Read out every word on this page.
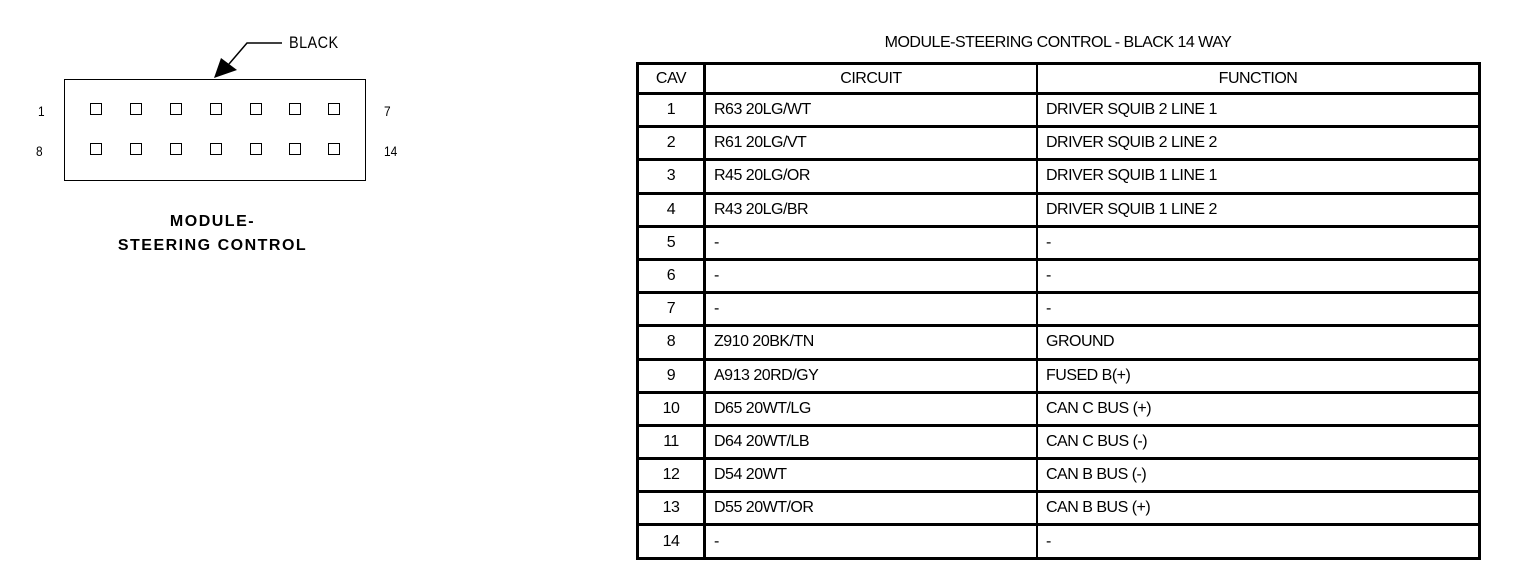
BLACK
1	7
8	14
MODULE-
STEERING CONTROL
MODULE-STEERING CONTROL - BLACK 14 WAY
CAV	CIRCUIT	FUNCTION
1	R63 20LG/WT	DRIVER SQUIB 2 LINE 1
2	R61 20LG/VT	DRIVER SQUIB 2 LINE 2
3	R45 20LG/OR	DRIVER SQUIB 1 LINE 1
4	R43 20LG/BR	DRIVER SQUIB 1 LINE 2
5	-	-
6	-	-
7	-	-
8	Z910 20BK/TN	GROUND
9	A913 20RD/GY	FUSED B(+)
10	D65 20WT/LG	CAN C BUS (+)
11	D64 20WT/LB	CAN C BUS (-)
12	D54 20WT	CAN B BUS (-)
13	D55 20WT/OR	CAN B BUS (+)
14	-	-
